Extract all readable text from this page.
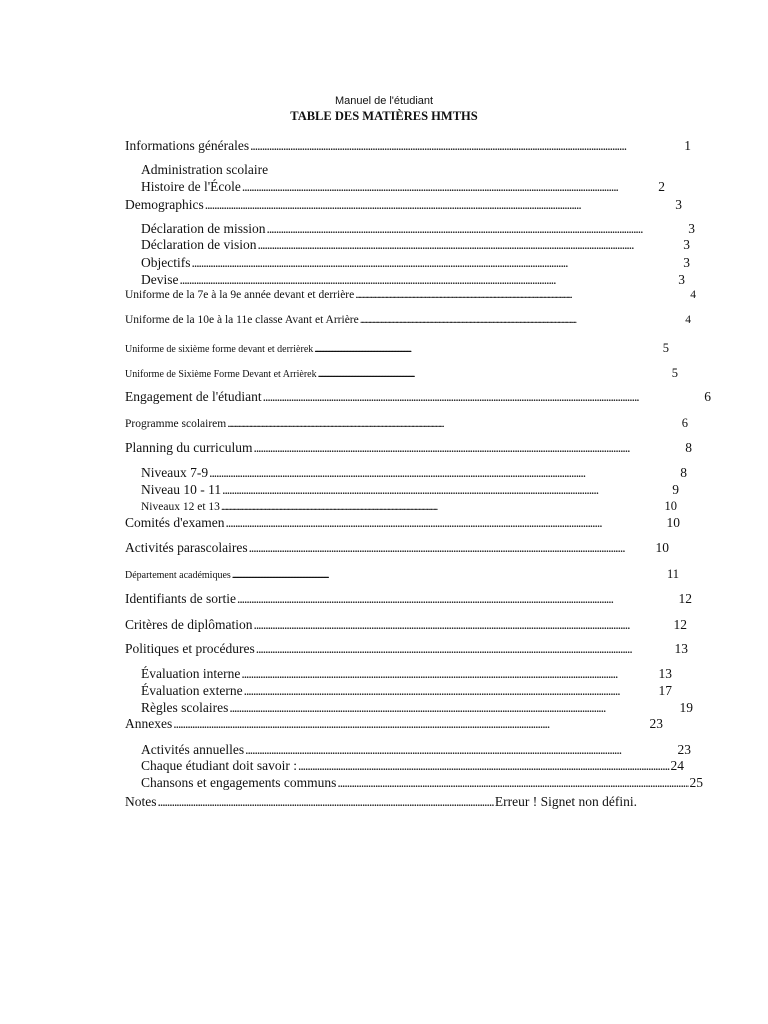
Manuel de l'étudiant
TABLE DES MATIÈRES HMTHS
Informations générales . . .	1
Administration scolaire
Histoire de l'École . . .	2
Demographics . . .	3
Déclaration de mission . . .	3
Déclaration de vision . . .	3
Objectifs . . .	3
Devise . . .	3
Uniforme de la 7e à la 9e année devant et derrière . . .	4
Uniforme de la 10e à la 11e classe Avant et Arrière . . .	4
Uniforme de sixième forme devant et derrièrek . . .	5
Uniforme de Sixième Forme Devant et Arrièrek . . .	5
Engagement de l'étudiant . . .	6
Programme scolairem . . .	6
Planning du curriculum . . .	8
Niveaux 7-9 . . .	8
Niveau 10 - 11 . . .	9
Niveaux 12 et 13 . . .	10
Comités d'examen . . .	10
Activités parascolaires . . .	10
Département académiques . . .	11
Identifiants de sortie . . .	12
Critères de diplômation . . .	12
Politiques et procédures . . .	13
Évaluation interne . . .	13
Évaluation externe . . .	17
Règles scolaires . . .	19
Annexes . . .	23
Activités annuelles . . .	23
Chaque étudiant doit savoir : . . .	24
Chansons et engagements communs . . .	25
Notes . . .	Erreur ! Signet non défini.
